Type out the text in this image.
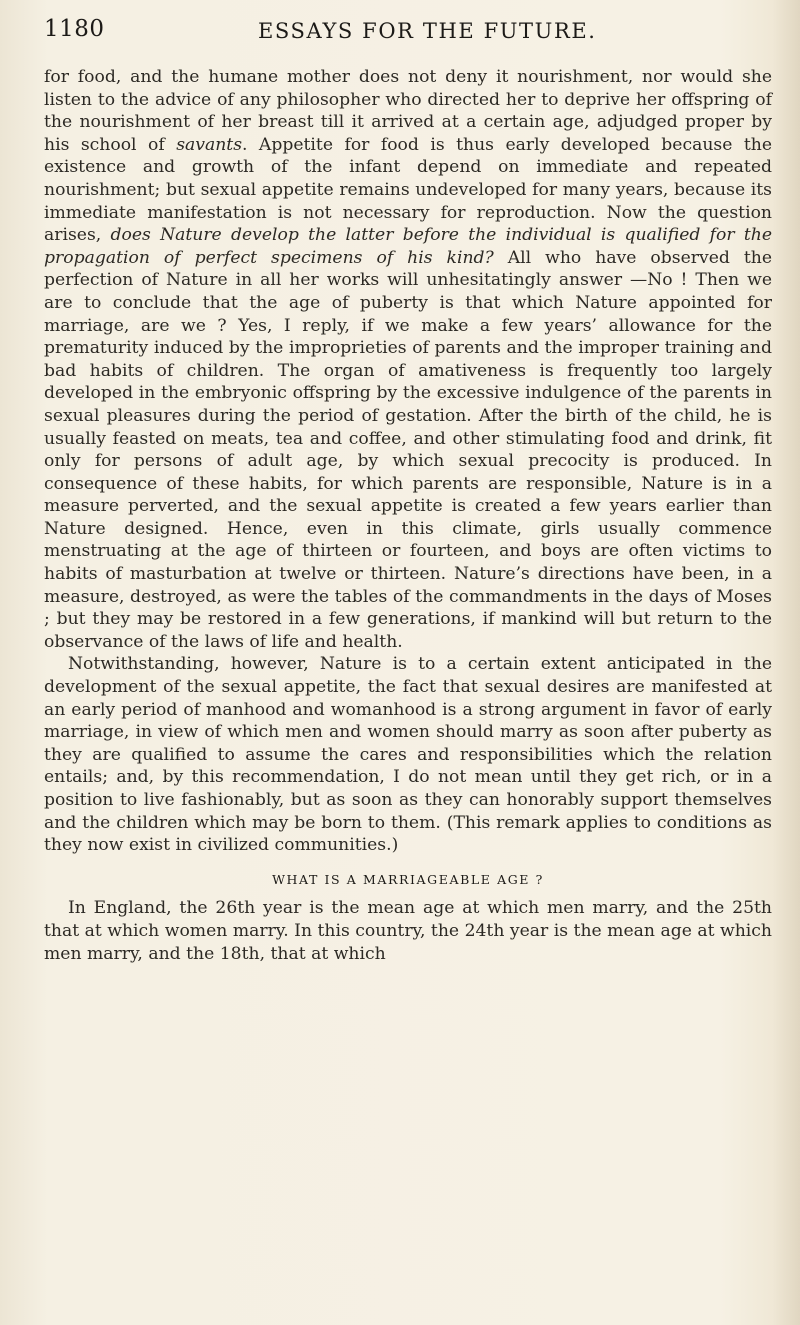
1180	ESSAYS FOR THE FUTURE.

for food, and the humane mother does not deny it nourishment, nor would she listen to the advice of any philosopher who directed her to deprive her offspring of the nourishment of her breast till it arrived at a certain age, adjudged proper by his school of savants. Appetite for food is thus early developed because the existence and growth of the infant depend on immediate and repeated nourishment; but sexual appetite remains undeveloped for many years, because its immediate manifestation is not necessary for reproduction. Now the question arises, does Nature develop the latter before the individual is qualified for the propagation of perfect specimens of his kind? All who have observed the perfection of Nature in all her works will unhesitatingly answer —No ! Then we are to conclude that the age of puberty is that which Nature appointed for marriage, are we ? Yes, I reply, if we make a few years’ allowance for the prematurity induced by the improprieties of parents and the improper training and bad habits of children. The organ of amativeness is frequently too largely developed in the embryonic offspring by the excessive indulgence of the parents in sexual pleasures during the period of gestation. After the birth of the child, he is usually feasted on meats, tea and coffee, and other stimulating food and drink, fit only for persons of adult age, by which sexual precocity is produced. In consequence of these habits, for which parents are responsible, Nature is in a measure perverted, and the sexual appetite is created a few years earlier than Nature designed. Hence, even in this climate, girls usually commence menstruating at the age of thirteen or fourteen, and boys are often victims to habits of masturbation at twelve or thirteen. Nature’s directions have been, in a measure, destroyed, as were the tables of the commandments in the days of Moses ; but they may be restored in a few generations, if mankind will but return to the observance of the laws of life and health.

Notwithstanding, however, Nature is to a certain extent anticipated in the development of the sexual appetite, the fact that sexual desires are manifested at an early period of manhood and womanhood is a strong argument in favor of early marriage, in view of which men and women should marry as soon after puberty as they are qualified to assume the cares and responsibilities which the relation entails; and, by this recommendation, I do not mean until they get rich, or in a position to live fashionably, but as soon as they can honorably support themselves and the children which may be born to them. (This remark applies to conditions as they now exist in civilized communities.)

WHAT IS A MARRIAGEABLE AGE ?

In England, the 26th year is the mean age at which men marry, and the 25th that at which women marry. In this country, the 24th year is the mean age at which men marry, and the 18th, that at which
